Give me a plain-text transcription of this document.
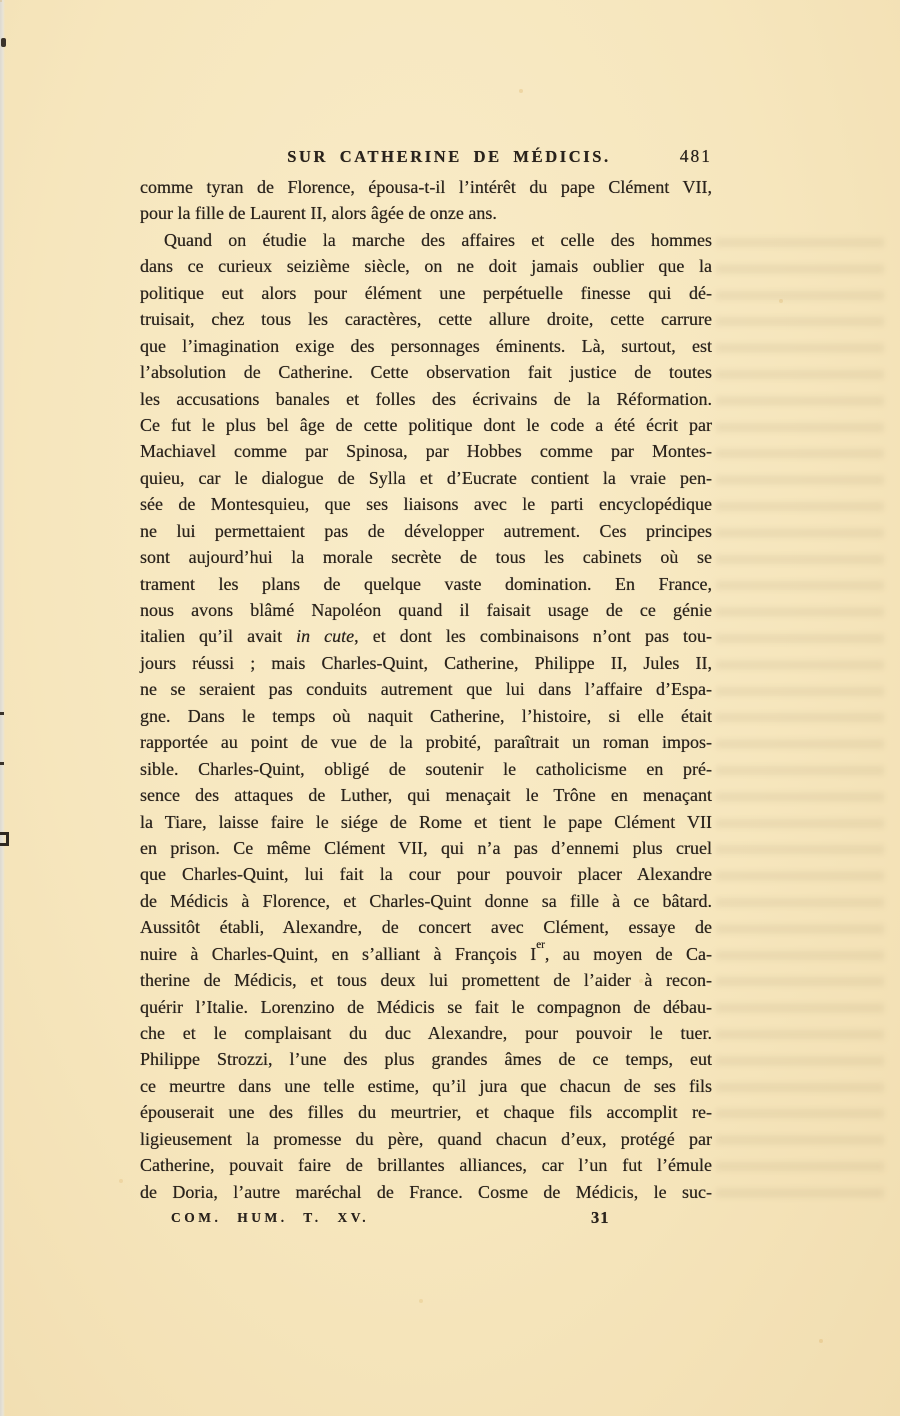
SUR CATHERINE DE MÉDICIS.	481
comme tyran de Florence, épousa-t-il l’intérêt du pape Clément VII,
pour la fille de Laurent II, alors âgée de onze ans.
Quand on étudie la marche des affaires et celle des hommes
dans ce curieux seizième siècle, on ne doit jamais oublier que la
politique eut alors pour élément une perpétuelle finesse qui dé-
truisait, chez tous les caractères, cette allure droite, cette carrure
que l’imagination exige des personnages éminents. Là, surtout, est
l’absolution de Catherine. Cette observation fait justice de toutes
les accusations banales et folles des écrivains de la Réformation.
Ce fut le plus bel âge de cette politique dont le code a été écrit par
Machiavel comme par Spinosa, par Hobbes comme par Montes-
quieu, car le dialogue de Sylla et d’Eucrate contient la vraie pen-
sée de Montesquieu, que ses liaisons avec le parti encyclopédique
ne lui permettaient pas de développer autrement. Ces principes
sont aujourd’hui la morale secrète de tous les cabinets où se
trament les plans de quelque vaste domination. En France,
nous avons blâmé Napoléon quand il faisait usage de ce génie
italien qu’il avait in cute, et dont les combinaisons n’ont pas tou-
jours réussi ; mais Charles-Quint, Catherine, Philippe II, Jules II,
ne se seraient pas conduits autrement que lui dans l’affaire d’Espa-
gne. Dans le temps où naquit Catherine, l’histoire, si elle était
rapportée au point de vue de la probité, paraîtrait un roman impos-
sible. Charles-Quint, obligé de soutenir le catholicisme en pré-
sence des attaques de Luther, qui menaçait le Trône en menaçant
la Tiare, laisse faire le siége de Rome et tient le pape Clément VII
en prison. Ce même Clément VII, qui n’a pas d’ennemi plus cruel
que Charles-Quint, lui fait la cour pour pouvoir placer Alexandre
de Médicis à Florence, et Charles-Quint donne sa fille à ce bâtard.
Aussitôt établi, Alexandre, de concert avec Clément, essaye de
nuire à Charles-Quint, en s’alliant à François Ier, au moyen de Ca-
therine de Médicis, et tous deux lui promettent de l’aider à recon-
quérir l’Italie. Lorenzino de Médicis se fait le compagnon de débau-
che et le complaisant du duc Alexandre, pour pouvoir le tuer.
Philippe Strozzi, l’une des plus grandes âmes de ce temps, eut
ce meurtre dans une telle estime, qu’il jura que chacun de ses fils
épouserait une des filles du meurtrier, et chaque fils accomplit re-
ligieusement la promesse du père, quand chacun d’eux, protégé par
Catherine, pouvait faire de brillantes alliances, car l’un fut l’émule
de Doria, l’autre maréchal de France. Cosme de Médicis, le suc-
COM. HUM. T. XV.	31
